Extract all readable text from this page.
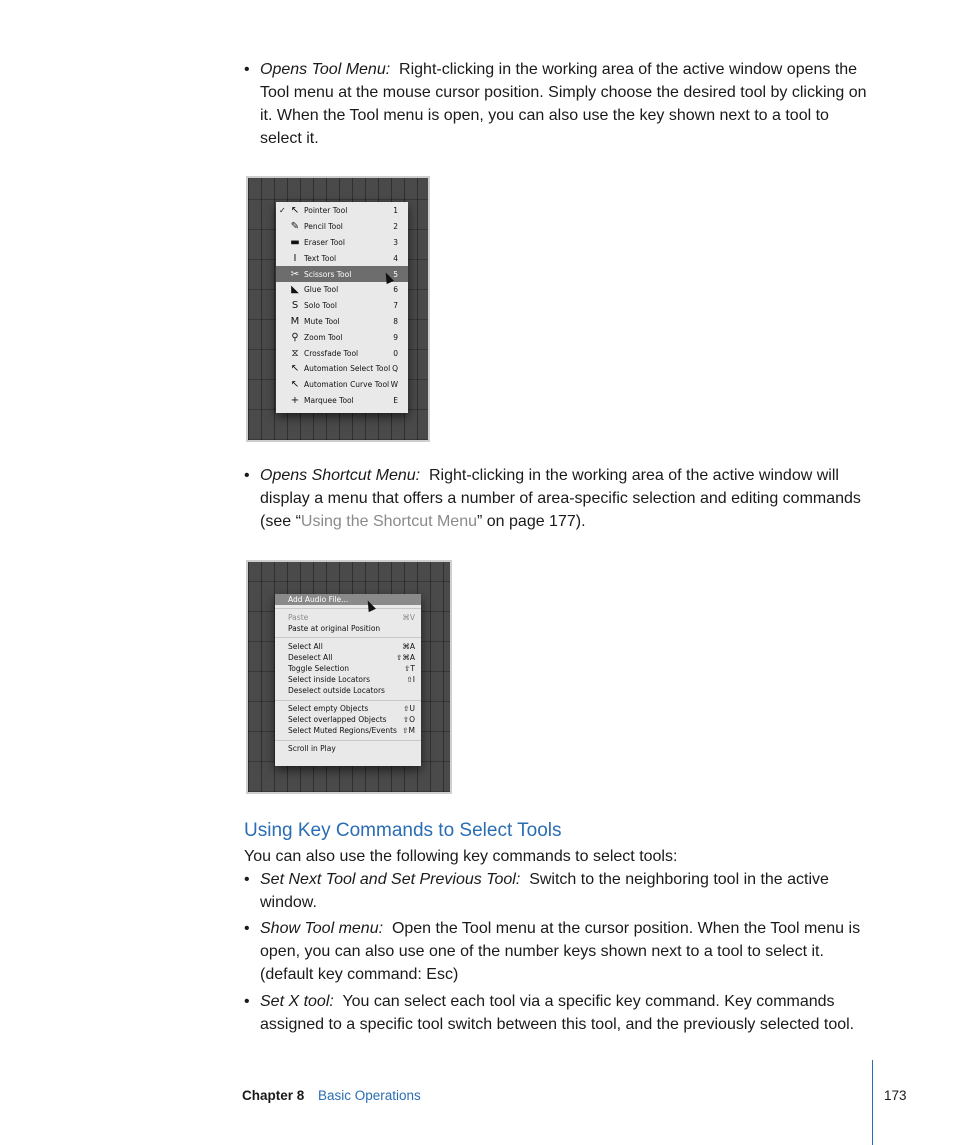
• Opens Tool Menu: Right-clicking in the working area of the active window opens the Tool menu at the mouse cursor position. Simply choose the desired tool by clicking on it. When the Tool menu is open, you can also use the key shown next to a tool to select it.
✓ ↖ Pointer Tool	1
✎ Pencil Tool	2
▬ Eraser Tool	3
I	Text Tool	4
✂ Scissors Tool	5
◣ Glue Tool	6
S Solo Tool	7
M Mute Tool	8
⚲ Zoom Tool	9
⧖ Crossfade Tool	0
↖ Automation Select Tool Q
↖ Automation Curve Tool W
+ Marquee Tool	E
• Opens Shortcut Menu: Right-clicking in the working area of the active window will display a menu that offers a number of area-specific selection and editing commands (see “Using the Shortcut Menu” on page 177).
Add Audio File...
Paste	⌘V
Paste at original Position
Select All	⌘A
Deselect All	⇧⌘A
Toggle Selection	⇧T
Select inside Locators	⇧I
Deselect outside Locators
Select empty Objects	⇧U
Select overlapped Objects ⇧O
Select Muted Regions/Events ⇧M
Scroll in Play
Using Key Commands to Select Tools
You can also use the following key commands to select tools:
• Set Next Tool and Set Previous Tool: Switch to the neighboring tool in the active window.
• Show Tool menu: Open the Tool menu at the cursor position. When the Tool menu is open, you can also use one of the number keys shown next to a tool to select it. (default key command: Esc)
• Set X tool: You can select each tool via a specific key command. Key commands assigned to a specific tool switch between this tool, and the previously selected tool.
Chapter 8 Basic Operations	173
